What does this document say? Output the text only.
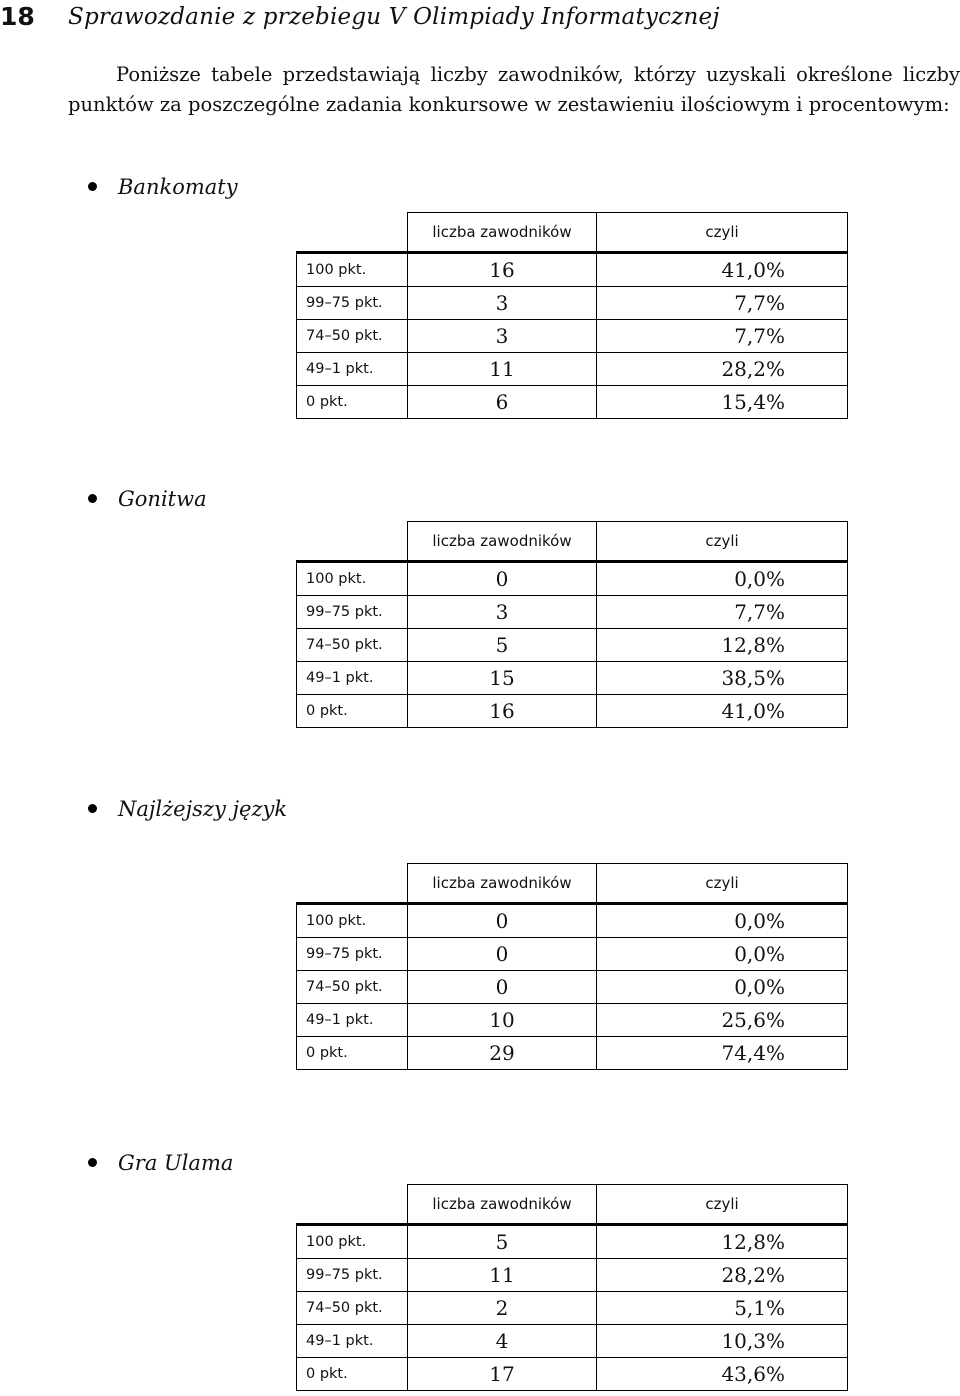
18 Sprawozdanie z przebiegu V Olimpiady Informatycznej

Poniższe tabele przedstawiają liczby zawodników, którzy uzyskali określone liczby punktów za poszczególne zadania konkursowe w zestawieniu ilościowym i procentowym:

Bankomaty
	liczba zawodników	czyli
100 pkt.	16	41,0%
99–75 pkt.	3	7,7%
74–50 pkt.	3	7,7%
49–1 pkt.	11	28,2%
0 pkt.	6	15,4%
Gonitwa
	liczba zawodników	czyli
100 pkt.	0	0,0%
99–75 pkt.	3	7,7%
74–50 pkt.	5	12,8%
49–1 pkt.	15	38,5%
0 pkt.	16	41,0%
Najlżejszy język
	liczba zawodników	czyli
100 pkt.	0	0,0%
99–75 pkt.	0	0,0%
74–50 pkt.	0	0,0%
49–1 pkt.	10	25,6%
0 pkt.	29	74,4%
Gra Ulama
	liczba zawodników	czyli
100 pkt.	5	12,8%
99–75 pkt.	11	28,2%
74–50 pkt.	2	5,1%
49–1 pkt.	4	10,3%
0 pkt.	17	43,6%
